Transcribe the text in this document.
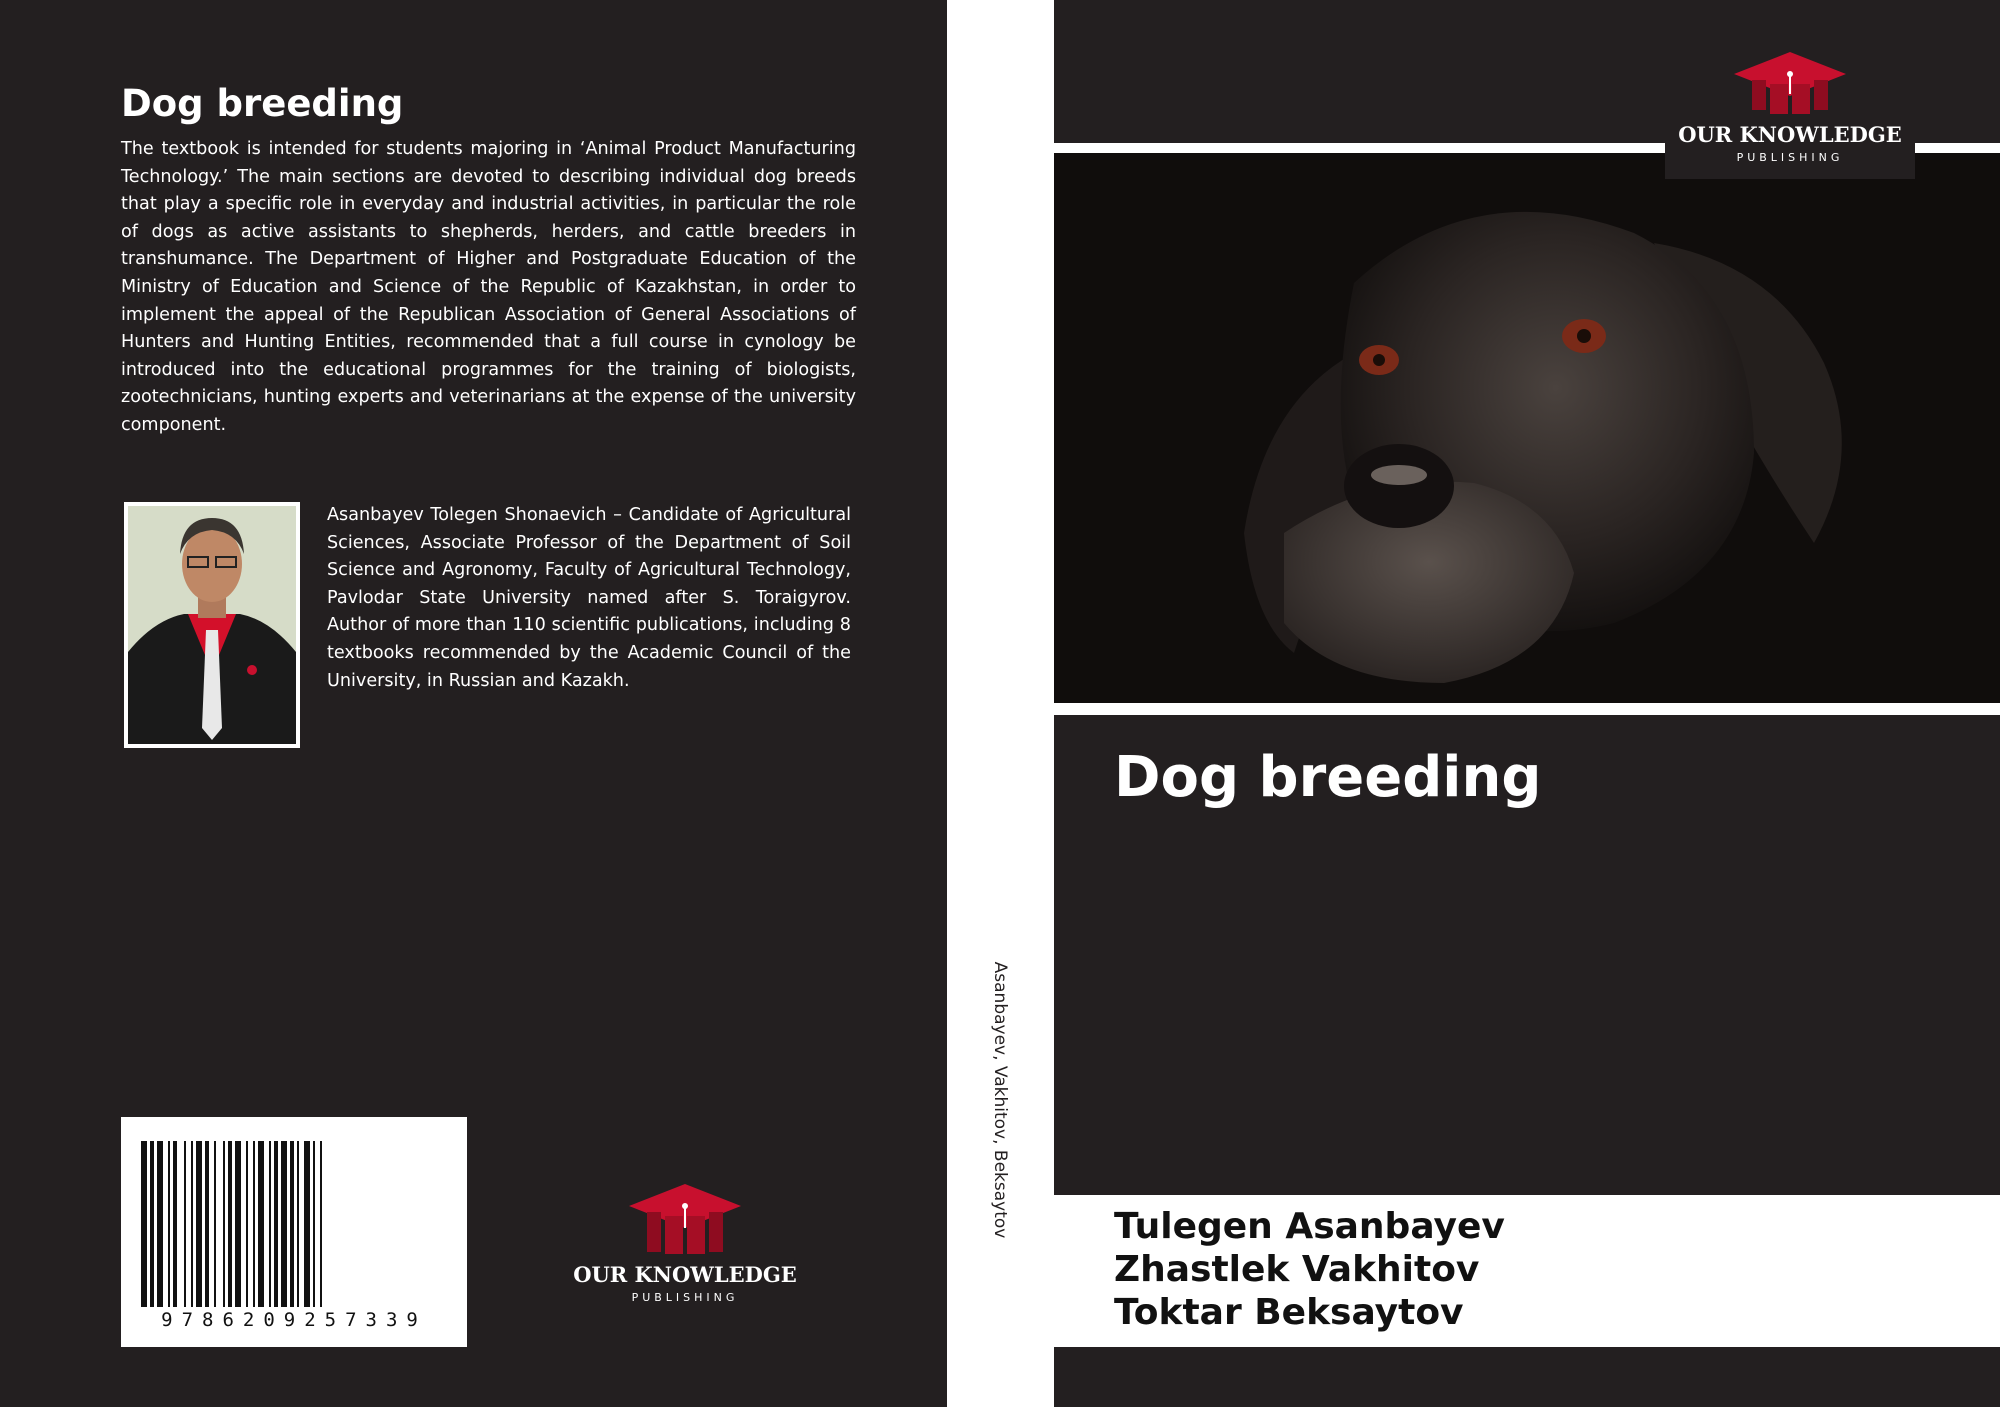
Dog breeding

The textbook is intended for students majoring in ‘Animal Product Manufacturing Technology.’ The main sections are devoted to describing individual dog breeds that play a specific role in everyday and industrial activities, in particular the role of dogs as active assistants to shepherds, herders, and cattle breeders in transhumance. The Department of Higher and Postgraduate Education of the Ministry of Education and Science of the Republic of Kazakhstan, in order to implement the appeal of the Republican Association of General Associations of Hunters and Hunting Entities, recommended that a full course in cynology be introduced into the educational programmes for the training of biologists, zootechnicians, hunting experts and veterinarians at the expense of the university component.

Asanbayev Tolegen Shonaevich – Candidate of Agricultural Sciences, Associate Professor of the Department of Soil Science and Agronomy, Faculty of Agricultural Technology, Pavlodar State University named after S. Toraigyrov. Author of more than 110 scientific publications, including 8 textbooks recommended by the Academic Council of the University, in Russian and Kazakh.

9786209257339
OUR KNOWLEDGE
PUBLISHING
Asanbayev, Vakhitov, Beksaytov
OUR KNOWLEDGE
PUBLISHING
Dog breeding

Tulegen Asanbayev

Zhastlek Vakhitov

Toktar Beksaytov
